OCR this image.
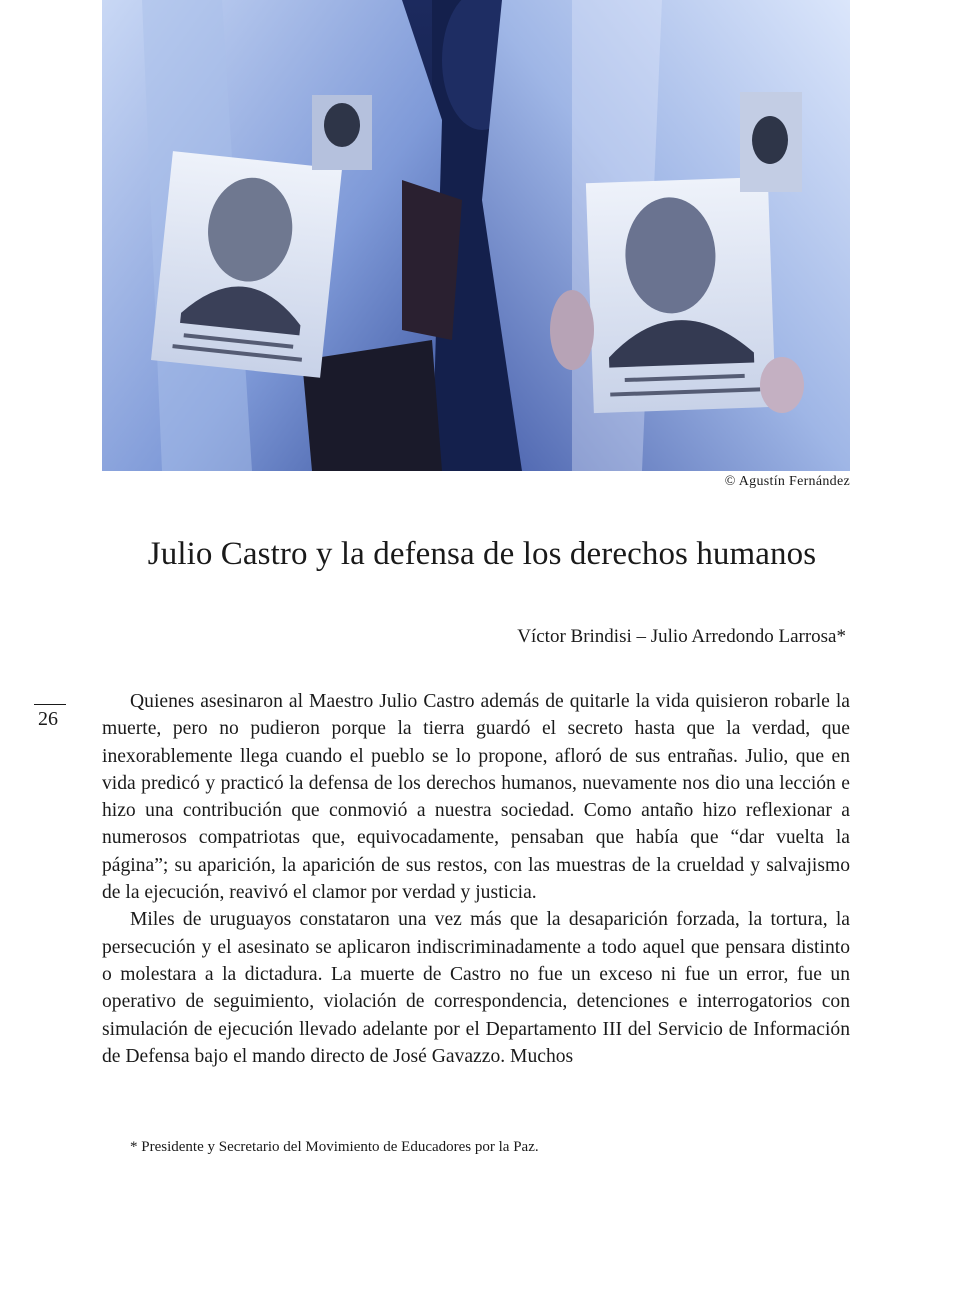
© Agustín Fernández
Julio Castro y la defensa de los derechos humanos
Víctor Brindisi – Julio Arredondo Larrosa*
26

Quienes asesinaron al Maestro Julio Castro además de quitarle la vida quisieron robarle la muerte, pero no pudieron porque la tierra guardó el secreto hasta que la verdad, que inexorablemente llega cuando el pueblo se lo propone, afloró de sus entrañas. Julio, que en vida predicó y practicó la defensa de los derechos humanos, nuevamente nos dio una lección e hizo una contribución que conmovió a nuestra sociedad. Como antaño hizo reflexionar a numerosos compatriotas que, equivocadamente, pensaban que había que “dar vuelta la página”; su aparición, la aparición de sus restos, con las muestras de la crueldad y salvajismo de la ejecución, reavivó el clamor por verdad y justicia.

Miles de uruguayos constataron una vez más que la desaparición forzada, la tortura, la persecución y el asesinato se aplicaron indiscriminadamente a todo aquel que pensara distinto o molestara a la dictadura. La muerte de Castro no fue un exceso ni fue un error, fue un operativo de seguimiento, violación de correspondencia, detenciones e interrogatorios con simulación de ejecución llevado adelante por el Departamento III del Servicio de Información de Defensa bajo el mando directo de José Gavazzo. Muchos

* Presidente y Secretario del Movimiento de Educadores por la Paz.
